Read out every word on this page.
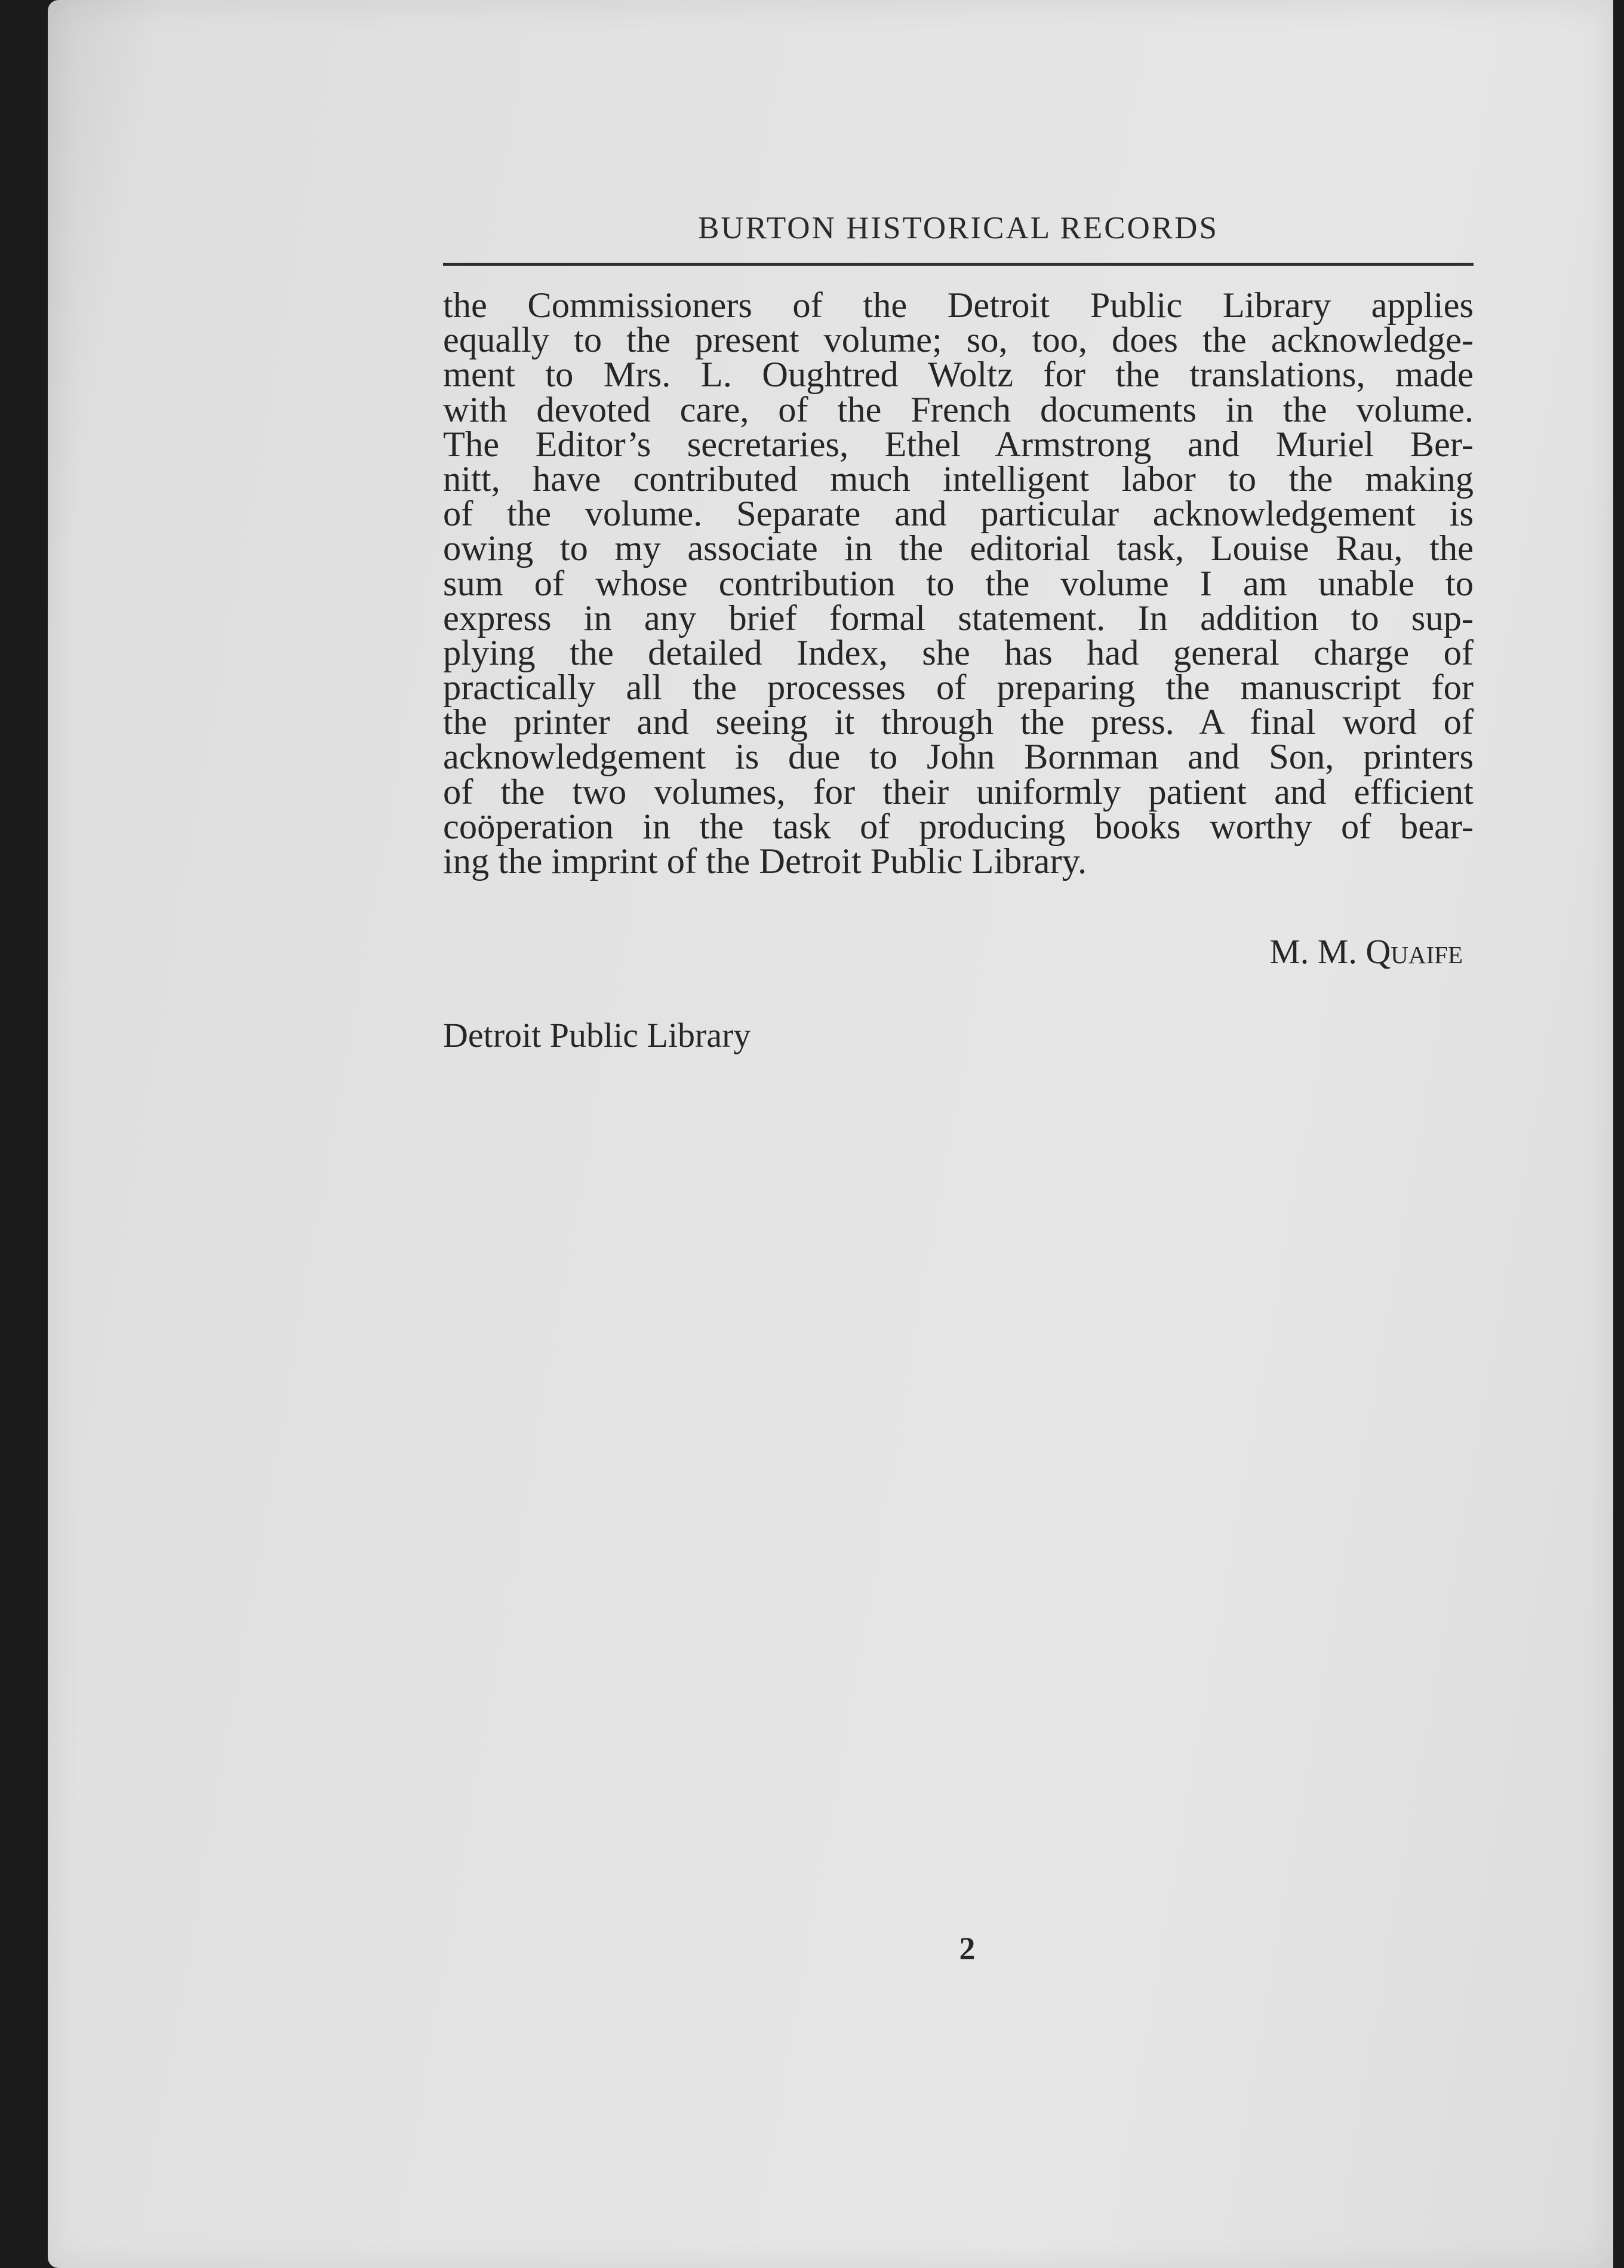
BURTON HISTORICAL RECORDS
the Commissioners of the Detroit Public Library applies
equally to the present volume; so, too, does the acknowledge-
ment to Mrs. L. Oughtred Woltz for the translations, made
with devoted care, of the French documents in the volume.
The Editor’s secretaries, Ethel Armstrong and Muriel Ber-
nitt, have contributed much intelligent labor to the making
of the volume. Separate and particular acknowledgement is
owing to my associate in the editorial task, Louise Rau, the
sum of whose contribution to the volume I am unable to
express in any brief formal statement. In addition to sup-
plying the detailed Index, she has had general charge of
practically all the processes of preparing the manuscript for
the printer and seeing it through the press. A final word of
acknowledgement is due to John Bornman and Son, printers
of the two volumes, for their uniformly patient and efficient
coöperation in the task of producing books worthy of bear-
ing the imprint of the Detroit Public Library.
M. M. Quaife
Detroit Public Library
2
